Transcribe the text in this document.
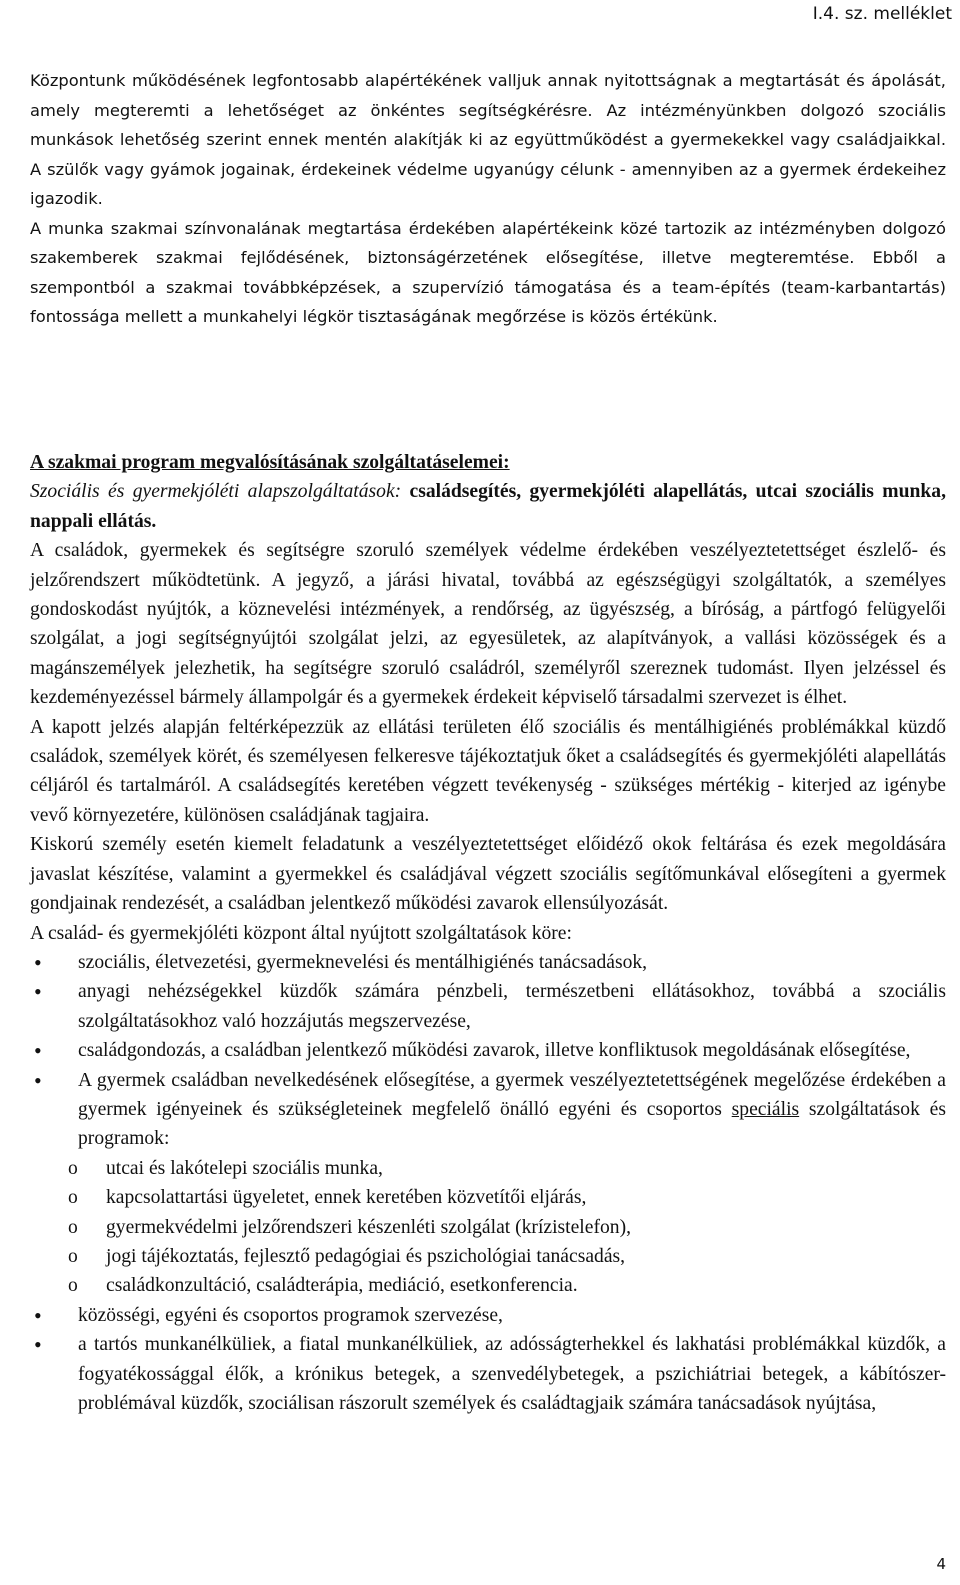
I.4. sz. melléklet

Központunk működésének legfontosabb alapértékének valljuk annak nyitottságnak a megtartását és ápolását, amely megteremti a lehetőséget az önkéntes segítségkérésre. Az intézményünkben dolgozó szociális munkások lehetőség szerint ennek mentén alakítják ki az együttműködést a gyermekekkel vagy családjaikkal. A szülők vagy gyámok jogainak, érdekeinek védelme ugyanúgy célunk - amennyiben az a gyermek érdekeihez igazodik.

A munka szakmai színvonalának megtartása érdekében alapértékeink közé tartozik az intézményben dolgozó szakemberek szakmai fejlődésének, biztonságérzetének elősegítése, illetve megteremtése. Ebből a szempontból a szakmai továbbképzések, a szupervízió támogatása és a team-építés (team-karbantartás) fontossága mellett a munkahelyi légkör tisztaságának megőrzése is közös értékünk.

A szakmai program megvalósításának szolgáltatáselemei:

Szociális és gyermekjóléti alapszolgáltatások: családsegítés, gyermekjóléti alapellátás, utcai szociális munka, nappali ellátás.

A családok, gyermekek és segítségre szoruló személyek védelme érdekében veszélyeztetettséget észlelő- és jelzőrendszert működtetünk. A jegyző, a járási hivatal, továbbá az egészségügyi szolgáltatók, a személyes gondoskodást nyújtók, a köznevelési intézmények, a rendőrség, az ügyészség, a bíróság, a pártfogó felügyelői szolgálat, a jogi segítségnyújtói szolgálat jelzi, az egyesületek, az alapítványok, a vallási közösségek és a magánszemélyek jelezhetik, ha segítségre szoruló családról, személyről szereznek tudomást. Ilyen jelzéssel és kezdeményezéssel bármely állampolgár és a gyermekek érdekeit képviselő társadalmi szervezet is élhet.

A kapott jelzés alapján feltérképezzük az ellátási területen élő szociális és mentálhigiénés problémákkal küzdő családok, személyek körét, és személyesen felkeresve tájékoztatjuk őket a családsegítés és gyermekjóléti alapellátás céljáról és tartalmáról. A családsegítés keretében végzett tevékenység - szükséges mértékig - kiterjed az igénybe vevő környezetére, különösen családjának tagjaira.

Kiskorú személy esetén kiemelt feladatunk a veszélyeztetettséget előidéző okok feltárása és ezek megoldására javaslat készítése, valamint a gyermekkel és családjával végzett szociális segítőmunkával elősegíteni a gyermek gondjainak rendezését, a családban jelentkező működési zavarok ellensúlyozását.

A család- és gyermekjóléti központ által nyújtott szolgáltatások köre:

• szociális, életvezetési, gyermeknevelési és mentálhigiénés tanácsadások,
• anyagi nehézségekkel küzdők számára pénzbeli, természetbeni ellátásokhoz, továbbá a szociális szolgáltatásokhoz való hozzájutás megszervezése,
• családgondozás, a családban jelentkező működési zavarok, illetve konfliktusok megoldásának elősegítése,
• A gyermek családban nevelkedésének elősegítése, a gyermek veszélyeztetettségének megelőzése érdekében a gyermek igényeinek és szükségleteinek megfelelő önálló egyéni és csoportos speciális szolgáltatások és programok:
o utcai és lakótelepi szociális munka,
o kapcsolattartási ügyeletet, ennek keretében közvetítői eljárás,
o gyermekvédelmi jelzőrendszeri készenléti szolgálat (krízistelefon),
o jogi tájékoztatás, fejlesztő pedagógiai és pszichológiai tanácsadás,
o családkonzultáció, családterápia, mediáció, esetkonferencia.
• közösségi, egyéni és csoportos programok szervezése,
• a tartós munkanélküliek, a fiatal munkanélküliek, az adósságterhekkel és lakhatási problémákkal küzdők, a fogyatékossággal élők, a krónikus betegek, a szenvedélybetegek, a pszichiátriai betegek, a kábítószer-problémával küzdők, szociálisan rászorult személyek és családtagjaik számára tanácsadások nyújtása,
4
